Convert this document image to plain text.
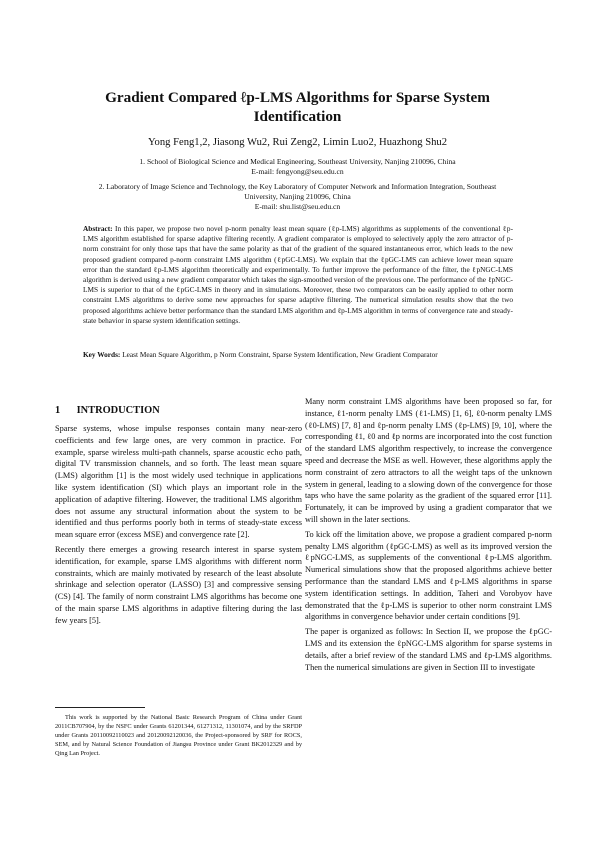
Gradient Compared ℓp-LMS Algorithms for Sparse System
Identification
Yong Feng1,2, Jiasong Wu2, Rui Zeng2, Limin Luo2, Huazhong Shu2
1. School of Biological Science and Medical Engineering, Southeast University, Nanjing 210096, China
E-mail: fengyong@seu.edu.cn
2. Laboratory of Image Science and Technology, the Key Laboratory of Computer Network and Information Integration, Southeast
University, Nanjing 210096, China
E-mail: shu.list@seu.edu.cn
Abstract: In this paper, we propose two novel p-norm penalty least mean square (ℓp-LMS) algorithms as supplements of the conventional ℓp-LMS algorithm established for sparse adaptive filtering recently. A gradient comparator is employed to selectively apply the zero attractor of p-norm constraint for only those taps that have the same polarity as that of the gradient of the squared instantaneous error, which leads to the new proposed gradient compared p-norm constraint LMS algorithm (ℓpGC-LMS). We explain that the ℓpGC-LMS can achieve lower mean square error than the standard ℓp-LMS algorithm theoretically and experimentally. To further improve the performance of the filter, the ℓpNGC-LMS algorithm is derived using a new gradient comparator which takes the sign-smoothed version of the previous one. The performance of the ℓpNGC-LMS is superior to that of the ℓpGC-LMS in theory and in simulations. Moreover, these two comparators can be easily applied to other norm constraint LMS algorithms to derive some new approaches for sparse adaptive filtering. The numerical simulation results show that the two proposed algorithms achieve better performance than the standard LMS algorithm and ℓp-LMS algorithm in terms of convergence rate and steady-state behavior in sparse system identification settings.
Key Words: Least Mean Square Algorithm, p Norm Constraint, Sparse System Identification, New Gradient Comparator
1 INTRODUCTION

Sparse systems, whose impulse responses contain many near-zero coefficients and few large ones, are very common in practice. For example, sparse wireless multi-path channels, sparse acoustic echo path, digital TV transmission channels, and so forth. The least mean square (LMS) algorithm [1] is the most widely used technique in applications like system identification (SI) which plays an important role in the application of adaptive filtering. However, the traditional LMS algorithm does not assume any structural information about the system to be identified and thus performs poorly both in terms of steady-state excess mean square error (excess MSE) and convergence rate [2].

Recently there emerges a growing research interest in sparse system identification, for example, sparse LMS algorithms with different norm constraints, which are mainly motivated by research of the least absolute shrinkage and selection operator (LASSO) [3] and compressive sensing (CS) [4]. The family of norm constraint LMS algorithms has become one of the main sparse LMS algorithms in adaptive filtering during the last few years [5].

This work is supported by the National Basic Research Program of China under Grant 2011CB707904, by the NSFC under Grants 61201344, 61271312, 11301074, and by the SRFDP under Grants 20110092110023 and 20120092120036, the Project-sponsored by SRF for ROCS, SEM, and by Natural Science Foundation of Jiangsu Province under Grant BK2012329 and by Qing Lan Project.

Many norm constraint LMS algorithms have been proposed so far, for instance, ℓ1-norm penalty LMS (ℓ1-LMS) [1, 6], ℓ0-norm penalty LMS (ℓ0-LMS) [7, 8] and ℓp-norm penalty LMS (ℓp-LMS) [9, 10], where the corresponding ℓ1, ℓ0 and ℓp norms are incorporated into the cost function of the standard LMS algorithm respectively, to increase the convergence speed and decrease the MSE as well. However, these algorithms apply the norm constraint of zero attractors to all the weight taps of the unknown system in general, leading to a slowing down of the convergence for those taps who have the same polarity as the gradient of the squared error [11]. Fortunately, it can be improved by using a gradient comparator that we will shown in the later sections.

To kick off the limitation above, we propose a gradient compared p-norm penalty LMS algorithm (ℓpGC-LMS) as well as its improved version the ℓpNGC-LMS, as supplements of the conventional ℓp-LMS algorithm. Numerical simulations show that the proposed algorithms achieve better performance than the standard LMS and ℓp-LMS algorithms in sparse system identification settings. In addition, Taheri and Vorobyov have demonstrated that the ℓp-LMS is superior to other norm constraint LMS algorithms in convergence behavior under certain conditions [9].

The paper is organized as follows: In Section II, we propose the ℓpGC-LMS and its extension the ℓpNGC-LMS algorithm for sparse systems in details, after a brief review of the standard LMS and ℓp-LMS algorithms. Then the numerical simulations are given in Section III to investigate
